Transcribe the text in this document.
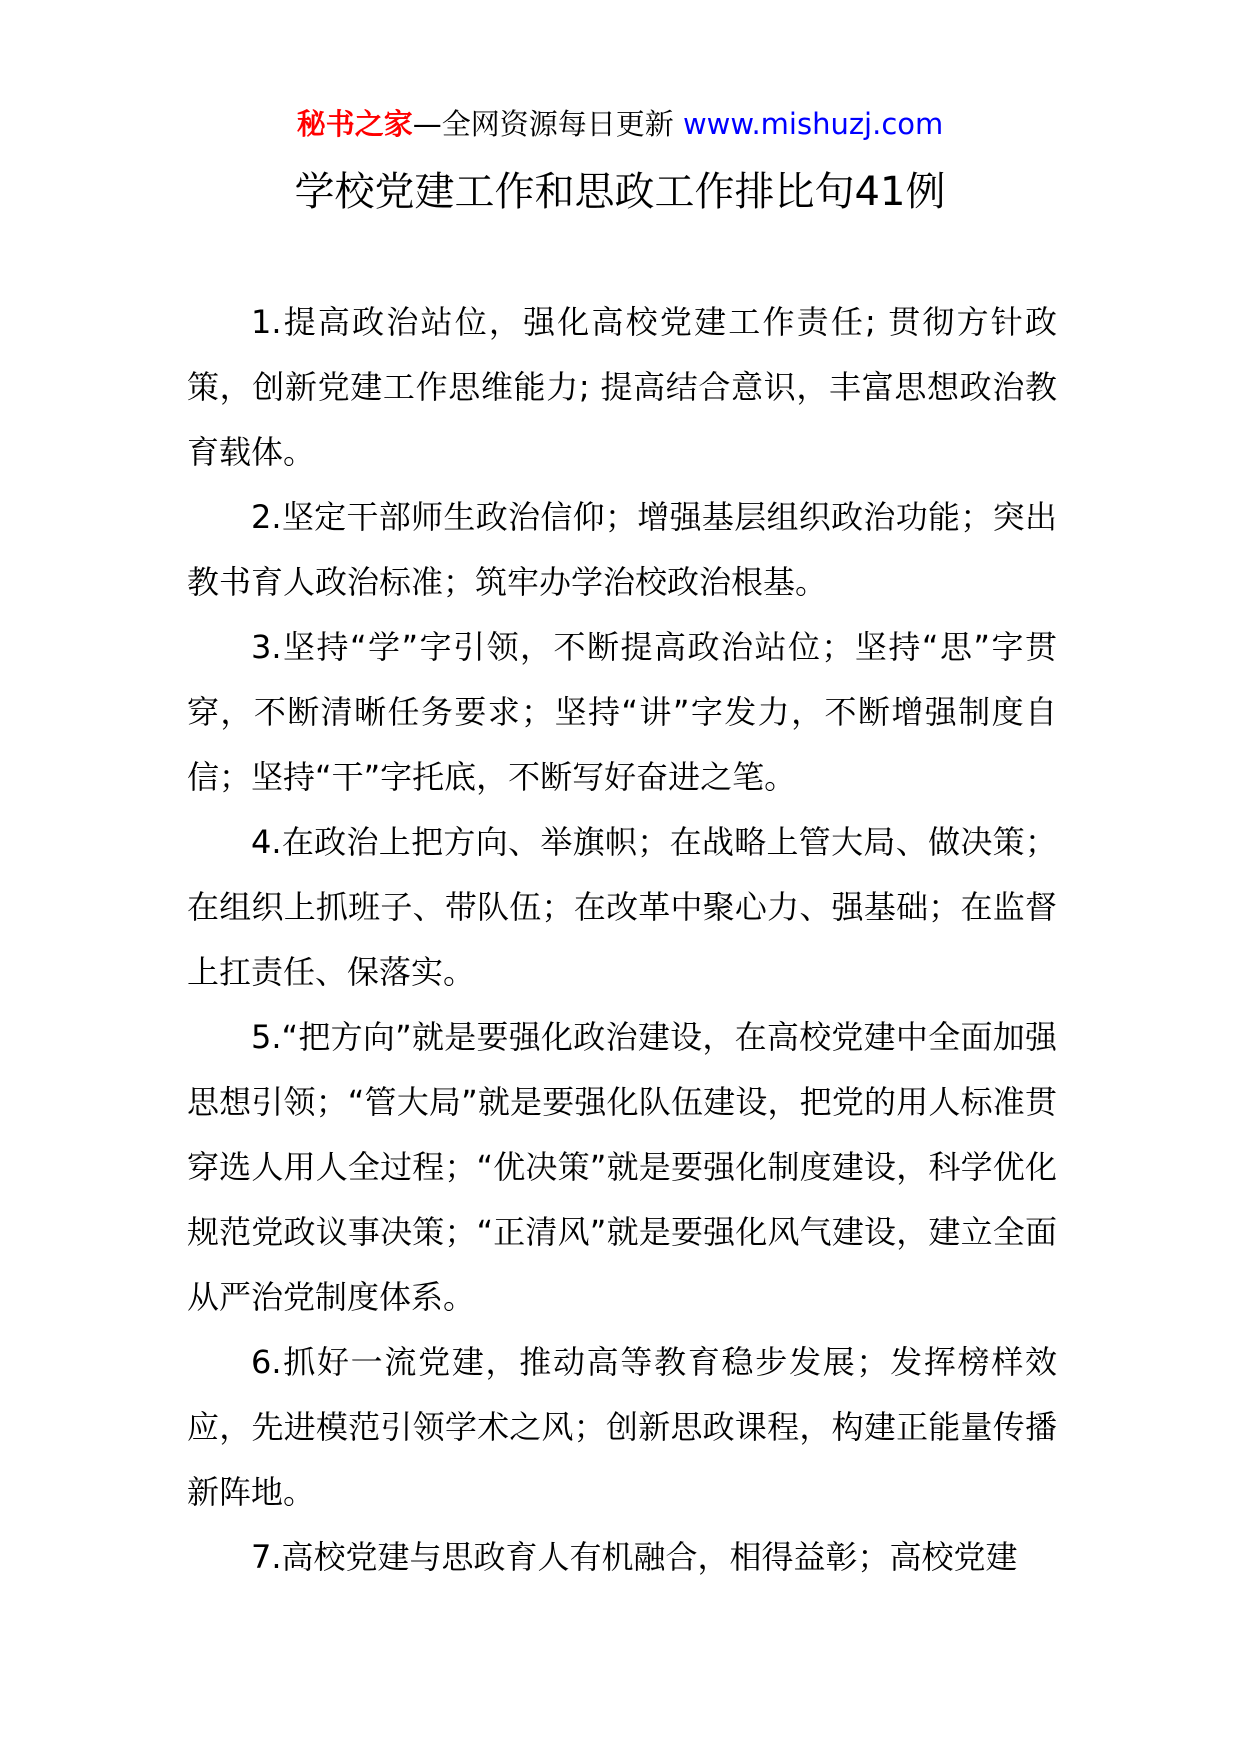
秘书之家—全网资源每日更新 www.mishuzj.com
学校党建工作和思政工作排比句41例

1.提高政治站位，强化高校党建工作责任; 贯彻方针政策，创新党建工作思维能力; 提高结合意识，丰富思想政治教育载体。

2.坚定干部师生政治信仰；增强基层组织政治功能；突出教书育人政治标准；筑牢办学治校政治根基。

3.坚持“学”字引领，不断提高政治站位；坚持“思”字贯穿，不断清晰任务要求；坚持“讲”字发力，不断增强制度自信；坚持“干”字托底，不断写好奋进之笔。

4.在政治上把方向、举旗帜；在战略上管大局、做决策；在组织上抓班子、带队伍；在改革中聚心力、强基础；在监督上扛责任、保落实。

5.“把方向”就是要强化政治建设，在高校党建中全面加强思想引领；“管大局”就是要强化队伍建设，把党的用人标准贯穿选人用人全过程；“优决策”就是要强化制度建设，科学优化规范党政议事决策；“正清风”就是要强化风气建设，建立全面从严治党制度体系。

6.抓好一流党建，推动高等教育稳步发展；发挥榜样效应，先进模范引领学术之风；创新思政课程，构建正能量传播新阵地。

7.高校党建与思政育人有机融合，相得益彰；高校党建
